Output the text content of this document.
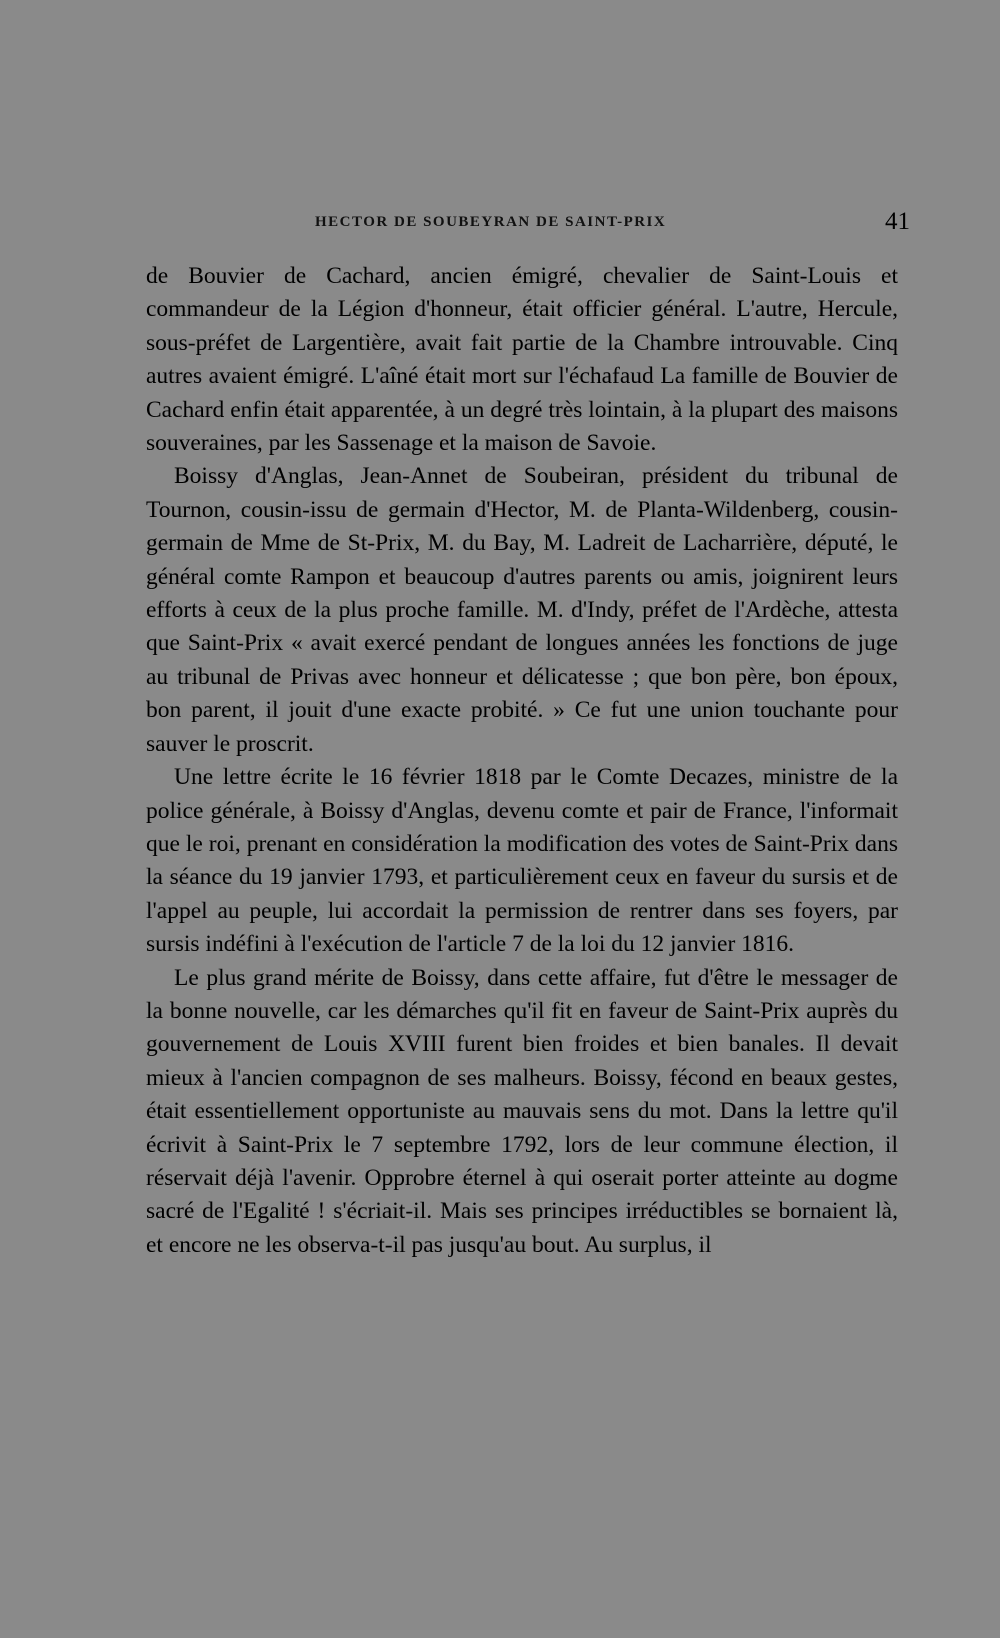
HECTOR DE SOUBEYRAN DE SAINT-PRIX	41

de Bouvier de Cachard, ancien émigré, chevalier de Saint-Louis et commandeur de la Légion d'honneur, était officier général. L'autre, Hercule, sous-préfet de Largentière, avait fait partie de la Chambre introuvable. Cinq autres avaient émigré. L'aîné était mort sur l'échafaud La famille de Bouvier de Cachard enfin était apparentée, à un degré très lointain, à la plupart des maisons souveraines, par les Sassenage et la maison de Savoie.

Boissy d'Anglas, Jean-Annet de Soubeiran, président du tribunal de Tournon, cousin-issu de germain d'Hector, M. de Planta-Wildenberg, cousin-germain de Mme de St-Prix, M. du Bay, M. Ladreit de Lacharrière, député, le général comte Rampon et beaucoup d'autres parents ou amis, joignirent leurs efforts à ceux de la plus proche famille. M. d'Indy, préfet de l'Ardèche, attesta que Saint-Prix « avait exercé pendant de longues années les fonctions de juge au tribunal de Privas avec honneur et délicatesse ; que bon père, bon époux, bon parent, il jouit d'une exacte probité. » Ce fut une union touchante pour sauver le proscrit.

Une lettre écrite le 16 février 1818 par le Comte Decazes, ministre de la police générale, à Boissy d'Anglas, devenu comte et pair de France, l'informait que le roi, prenant en considération la modification des votes de Saint-Prix dans la séance du 19 janvier 1793, et particulièrement ceux en faveur du sursis et de l'appel au peuple, lui accordait la permission de rentrer dans ses foyers, par sursis indéfini à l'exécution de l'article 7 de la loi du 12 janvier 1816.

Le plus grand mérite de Boissy, dans cette affaire, fut d'être le messager de la bonne nouvelle, car les démarches qu'il fit en faveur de Saint-Prix auprès du gouvernement de Louis XVIII furent bien froides et bien banales. Il devait mieux à l'ancien compagnon de ses malheurs. Boissy, fécond en beaux gestes, était essentiellement opportuniste au mauvais sens du mot. Dans la lettre qu'il écrivit à Saint-Prix le 7 septembre 1792, lors de leur commune élection, il réservait déjà l'avenir. Opprobre éternel à qui oserait porter atteinte au dogme sacré de l'Egalité ! s'écriait-il. Mais ses principes irréductibles se bornaient là, et encore ne les observa-t-il pas jusqu'au bout. Au surplus, il
